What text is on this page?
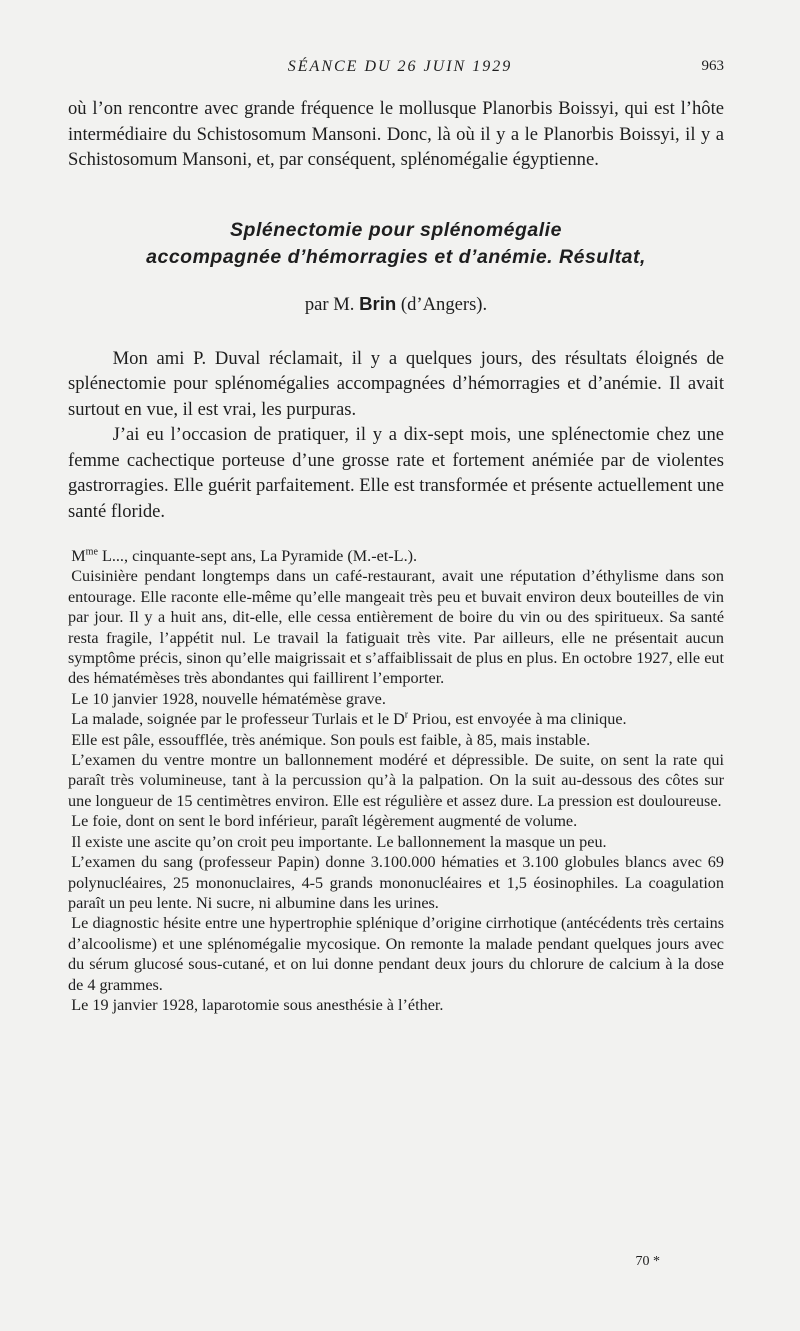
SÉANCE DU 26 JUIN 1929	963

où l’on rencontre avec grande fréquence le mollusque Planorbis Boissyi, qui est l’hôte intermédiaire du Schistosomum Mansoni. Donc, là où il y a le Planorbis Boissyi, il y a Schistosomum Mansoni, et, par conséquent, splénomégalie égyptienne.

Splénectomie pour splénomégalie
accompagnée d’hémorragies et d’anémie. Résultat,
par M. Brin (d’Angers).

Mon ami P. Duval réclamait, il y a quelques jours, des résultats éloignés de splénectomie pour splénomégalies accompagnées d’hémorragies et d’anémie. Il avait surtout en vue, il est vrai, les purpuras.

J’ai eu l’occasion de pratiquer, il y a dix-sept mois, une splénectomie chez une femme cachectique porteuse d’une grosse rate et fortement anémiée par de violentes gastrorragies. Elle guérit parfaitement. Elle est transformée et présente actuellement une santé floride.

$M^{me}$ L..., cinquante-sept ans, La Pyramide (M.-et-L.).

Cuisinière pendant longtemps dans un café-restaurant, avait une réputation d’éthylisme dans son entourage. Elle raconte elle-même qu’elle mangeait très peu et buvait environ deux bouteilles de vin par jour. Il y a huit ans, dit-elle, elle cessa entièrement de boire du vin ou des spiritueux. Sa santé resta fragile, l’appétit nul. Le travail la fatiguait très vite. Par ailleurs, elle ne présentait aucun symptôme précis, sinon qu’elle maigrissait et s’affaiblissait de plus en plus. En octobre 1927, elle eut des hématémèses très abondantes qui faillirent l’emporter.

Le 10 janvier 1928, nouvelle hématémèse grave.

La malade, soignée par le professeur Turlais et le $D^r$ Priou, est envoyée à ma clinique.

Elle est pâle, essoufflée, très anémique. Son pouls est faible, à 85, mais instable.

L’examen du ventre montre un ballonnement modéré et dépressible. De suite, on sent la rate qui paraît très volumineuse, tant à la percussion qu’à la palpation. On la suit au-dessous des côtes sur une longueur de 15 centimètres environ. Elle est régulière et assez dure. La pression est douloureuse.

Le foie, dont on sent le bord inférieur, paraît légèrement augmenté de volume.

Il existe une ascite qu’on croit peu importante. Le ballonnement la masque un peu.

L’examen du sang (professeur Papin) donne 3.100.000 hématies et 3.100 globules blancs avec 69 polynucléaires, 25 mononuclaires, 4-5 grands mononucléaires et 1,5 éosinophiles. La coagulation paraît un peu lente. Ni sucre, ni albumine dans les urines.

Le diagnostic hésite entre une hypertrophie splénique d’origine cirrhotique (antécédents très certains d’alcoolisme) et une splénomégalie mycosique. On remonte la malade pendant quelques jours avec du sérum glucosé sous-cutané, et on lui donne pendant deux jours du chlorure de calcium à la dose de 4 grammes.

Le 19 janvier 1928, laparotomie sous anesthésie à l’éther.

70 *
